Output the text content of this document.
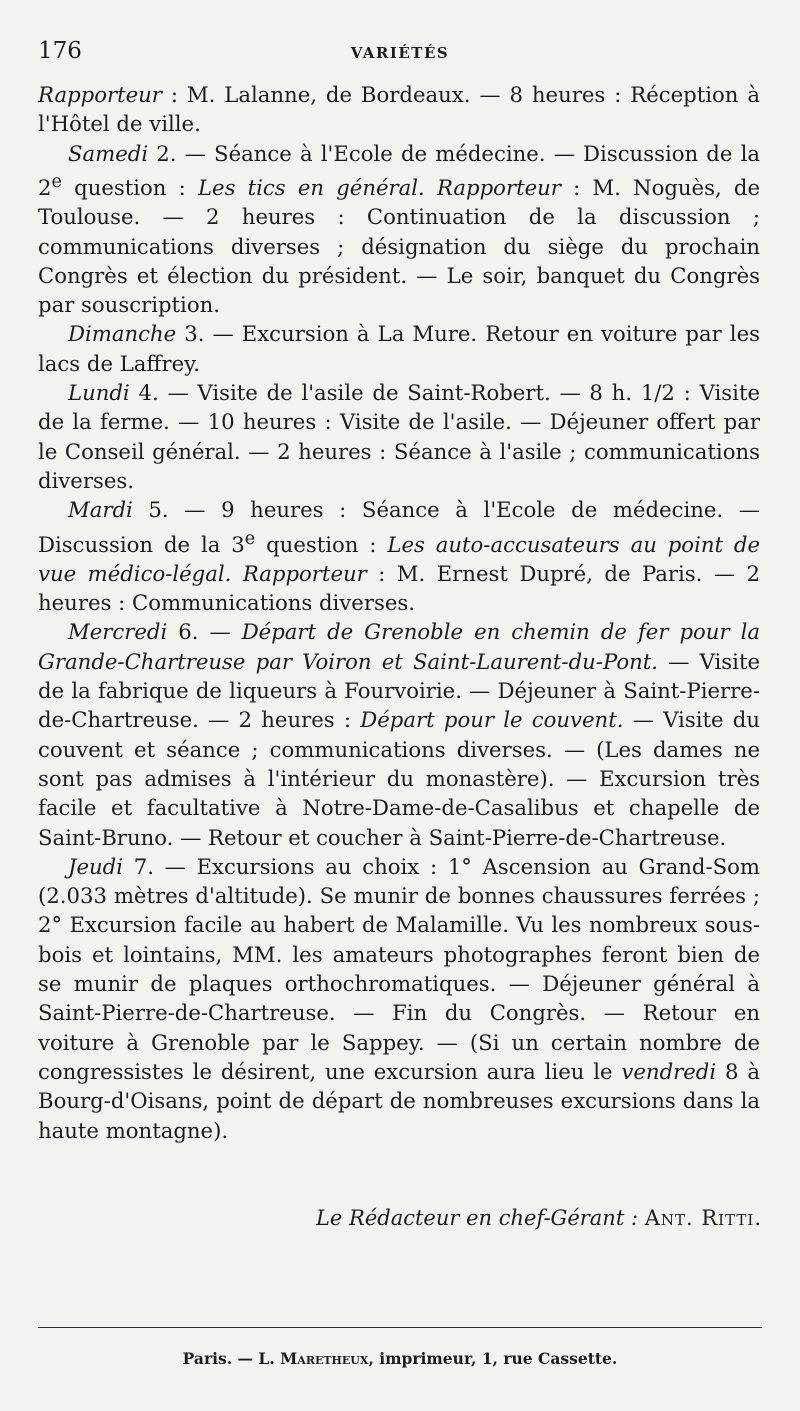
176	VARIÉTÉS

Rapporteur : M. Lalanne, de Bordeaux. — 8 heures : Réception à l'Hôtel de ville.

Samedi 2. — Séance à l'Ecole de médecine. — Discussion de la 2e question : Les tics en général. Rapporteur : M. Noguès, de Toulouse. — 2 heures : Continuation de la discussion ; communications diverses ; désignation du siège du prochain Congrès et élection du président. — Le soir, banquet du Congrès par souscription.

Dimanche 3. — Excursion à La Mure. Retour en voiture par les lacs de Laffrey.

Lundi 4. — Visite de l'asile de Saint-Robert. — 8 h. 1/2 : Visite de la ferme. — 10 heures : Visite de l'asile. — Déjeuner offert par le Conseil général. — 2 heures : Séance à l'asile ; communications diverses.

Mardi 5. — 9 heures : Séance à l'Ecole de médecine. — Discussion de la 3e question : Les auto-accusateurs au point de vue médico-légal. Rapporteur : M. Ernest Dupré, de Paris. — 2 heures : Communications diverses.

Mercredi 6. — Départ de Grenoble en chemin de fer pour la Grande-Chartreuse par Voiron et Saint-Laurent-du-Pont. — Visite de la fabrique de liqueurs à Fourvoirie. — Déjeuner à Saint-Pierre-de-Chartreuse. — 2 heures : Départ pour le couvent. — Visite du couvent et séance ; communications diverses. — (Les dames ne sont pas admises à l'intérieur du monastère). — Excursion très facile et facultative à Notre-Dame-de-Casalibus et chapelle de Saint-Bruno. — Retour et coucher à Saint-Pierre-de-Chartreuse.

Jeudi 7. — Excursions au choix : 1° Ascension au Grand-Som (2.033 mètres d'altitude). Se munir de bonnes chaussures ferrées ; 2° Excursion facile au habert de Malamille. Vu les nombreux sous-bois et lointains, MM. les amateurs photographes feront bien de se munir de plaques orthochromatiques. — Déjeuner général à Saint-Pierre-de-Chartreuse. — Fin du Congrès. — Retour en voiture à Grenoble par le Sappey. — (Si un certain nombre de congressistes le désirent, une excursion aura lieu le vendredi 8 à Bourg-d'Oisans, point de départ de nombreuses excursions dans la haute montagne).

Le Rédacteur en chef-Gérant : Ant. Ritti.
Paris. — L. Maretheux, imprimeur, 1, rue Cassette.
